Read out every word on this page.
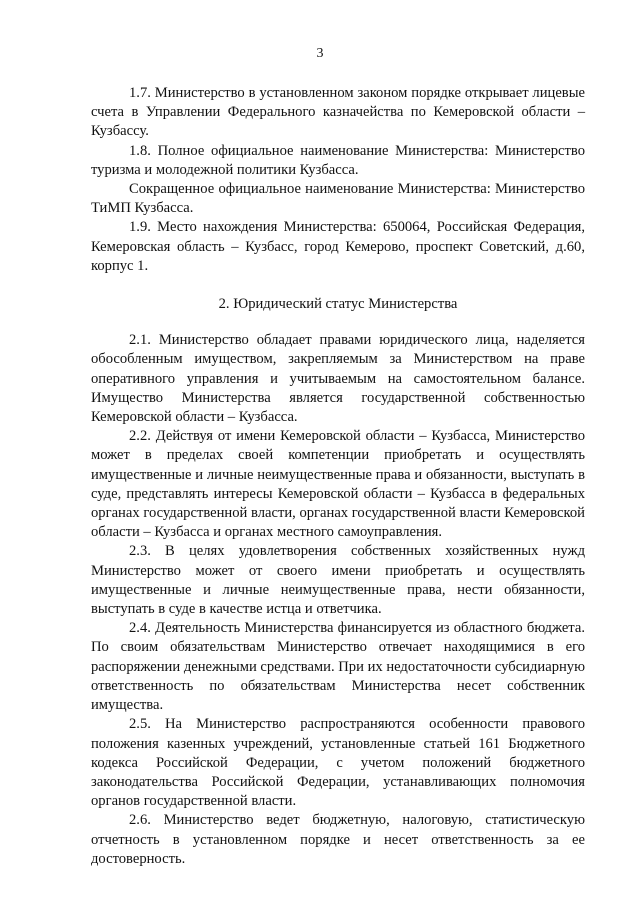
3

1.7. Министерство в установленном законом порядке открывает лицевые счета в Управлении Федерального казначейства по Кемеровской области – Кузбассу.

1.8. Полное официальное наименование Министерства: Министерство туризма и молодежной политики Кузбасса.

Сокращенное официальное наименование Министерства: Министерство ТиМП Кузбасса.

1.9. Место нахождения Министерства: 650064, Российская Федерация, Кемеровская область – Кузбасс, город Кемерово, проспект Советский, д.60, корпус 1.

2. Юридический статус Министерства

2.1. Министерство обладает правами юридического лица, наделяется обособленным имуществом, закрепляемым за Министерством на праве оперативного управления и учитываемым на самостоятельном балансе. Имущество Министерства является государственной собственностью Кемеровской области – Кузбасса.

2.2. Действуя от имени Кемеровской области – Кузбасса, Министерство может в пределах своей компетенции приобретать и осуществлять имущественные и личные неимущественные права и обязанности, выступать в суде, представлять интересы Кемеровской области – Кузбасса в федеральных органах государственной власти, органах государственной власти Кемеровской области – Кузбасса и органах местного самоуправления.

2.3. В целях удовлетворения собственных хозяйственных нужд Министерство может от своего имени приобретать и осуществлять имущественные и личные неимущественные права, нести обязанности, выступать в суде в качестве истца и ответчика.

2.4. Деятельность Министерства финансируется из областного бюджета. По своим обязательствам Министерство отвечает находящимися в его распоряжении денежными средствами. При их недостаточности субсидиарную ответственность по обязательствам Министерства несет собственник имущества.

2.5. На Министерство распространяются особенности правового положения казенных учреждений, установленные статьей 161 Бюджетного кодекса Российской Федерации, с учетом положений бюджетного законодательства Российской Федерации, устанавливающих полномочия органов государственной власти.

2.6. Министерство ведет бюджетную, налоговую, статистическую отчетность в установленном порядке и несет ответственность за ее достоверность.
